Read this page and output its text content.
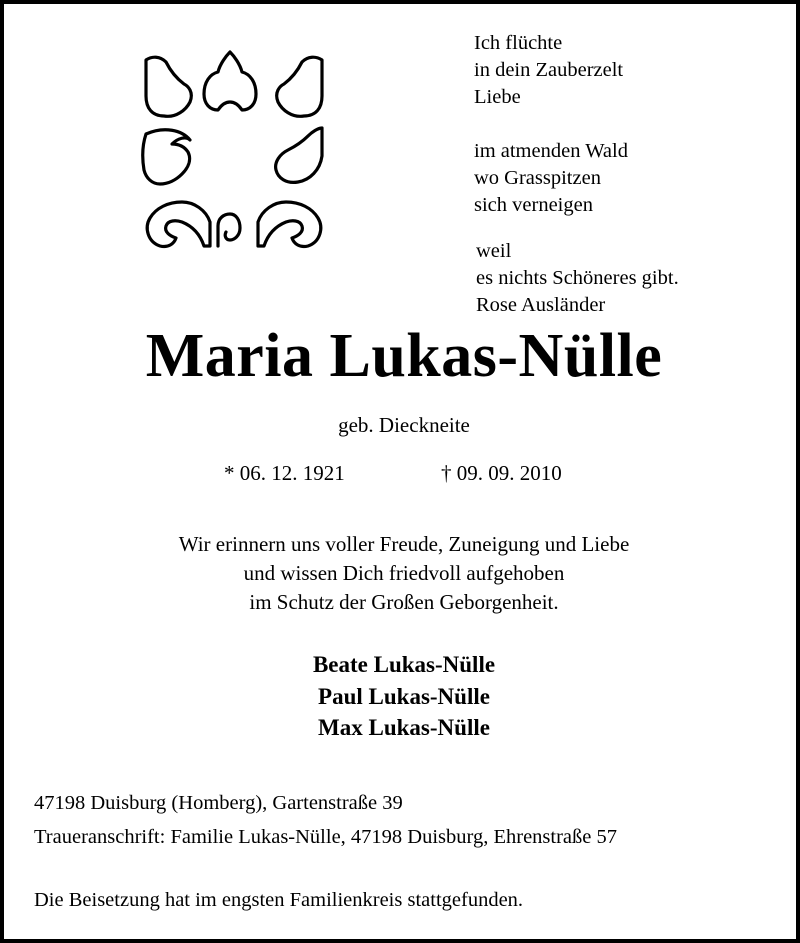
Ich flüchte
in dein Zauberzelt
Liebe
im atmenden Wald
wo Grasspitzen
sich verneigen
weil
es nichts Schöneres gibt.
Rose Ausländer
Maria Lukas-Nülle
geb. Dieckneite
* 06. 12. 1921	† 09. 09. 2010
Wir erinnern uns voller Freude, Zuneigung und Liebe
und wissen Dich friedvoll aufgehoben
im Schutz der Großen Geborgenheit.
Beate Lukas-Nülle
Paul Lukas-Nülle
Max Lukas-Nülle
47198 Duisburg (Homberg), Gartenstraße 39
Traueranschrift: Familie Lukas-Nülle, 47198 Duisburg, Ehrenstraße 57
Die Beisetzung hat im engsten Familienkreis stattgefunden.
